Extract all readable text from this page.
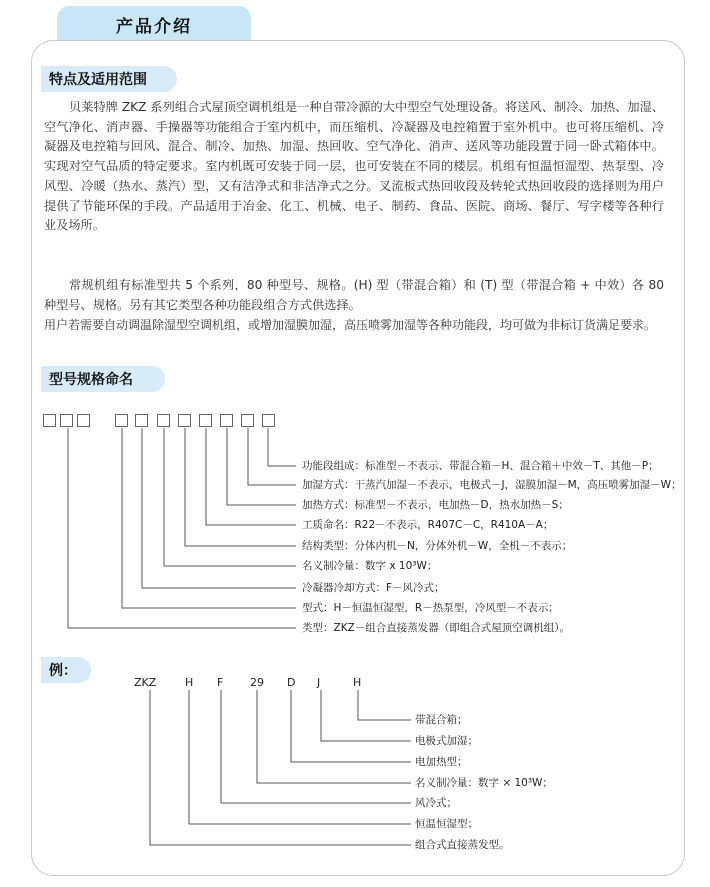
产品介绍
特点及适用范围

贝莱特牌 ZKZ 系列组合式屋顶空调机组是一种自带冷源的大中型空气处理设备。将送风、制冷、加热、加湿、空气净化、消声器、手操器等功能组合于室内机中，而压缩机、冷凝器及电控箱置于室外机中。也可将压缩机、冷凝器及电控箱与回风、混合、制冷、加热、加湿、热回收、空气净化、消声、送风等功能段置于同一卧式箱体中。实现对空气品质的特定要求。室内机既可安装于同一层，也可安装在不同的楼层。机组有恒温恒湿型、热泵型、冷风型、冷暖（热水、蒸汽）型，又有洁净式和非洁净式之分。叉流板式热回收段及转轮式热回收段的选择则为用户提供了节能环保的手段。产品适用于冶金、化工、机械、电子、制药、食品、医院、商场、餐厅、写字楼等各种行业及场所。

常规机组有标准型共 5 个系列，80 种型号、规格。(H) 型（带混合箱）和 (T) 型（带混合箱 + 中效）各 80 种型号、规格。另有其它类型各种功能段组合方式供选择。

用户若需要自动调温除湿型空调机组，或增加湿膜加湿，高压喷雾加湿等各种功能段，均可做为非标订货满足要求。

型号规格命名
功能段组成：标准型－不表示、带混合箱－H、混合箱＋中效－T、其他－P；
加湿方式：干蒸汽加湿－不表示，电极式－J，湿膜加湿－M，高压喷雾加湿－W；
加热方式：标准型－不表示，电加热－D，热水加热－S；
工质命名：R22－不表示，R407C－C，R410A－A；
结构类型：分体内机－N，分体外机－W，全机－不表示；
名义制冷量：数字 x 10³W；
冷凝器冷却方式：F－风冷式；
型式：H－恒温恒湿型，R－热泵型，冷风型－不表示；
类型：ZKZ－组合直接蒸发器（即组合式屋顶空调机组）。
例：
ZKZ	H F 29 D J	H
带混合箱；
电极式加湿；
电加热型；
名义制冷量：数字 × 10³W；
风冷式；
恒温恒湿型；
组合式直接蒸发型。
